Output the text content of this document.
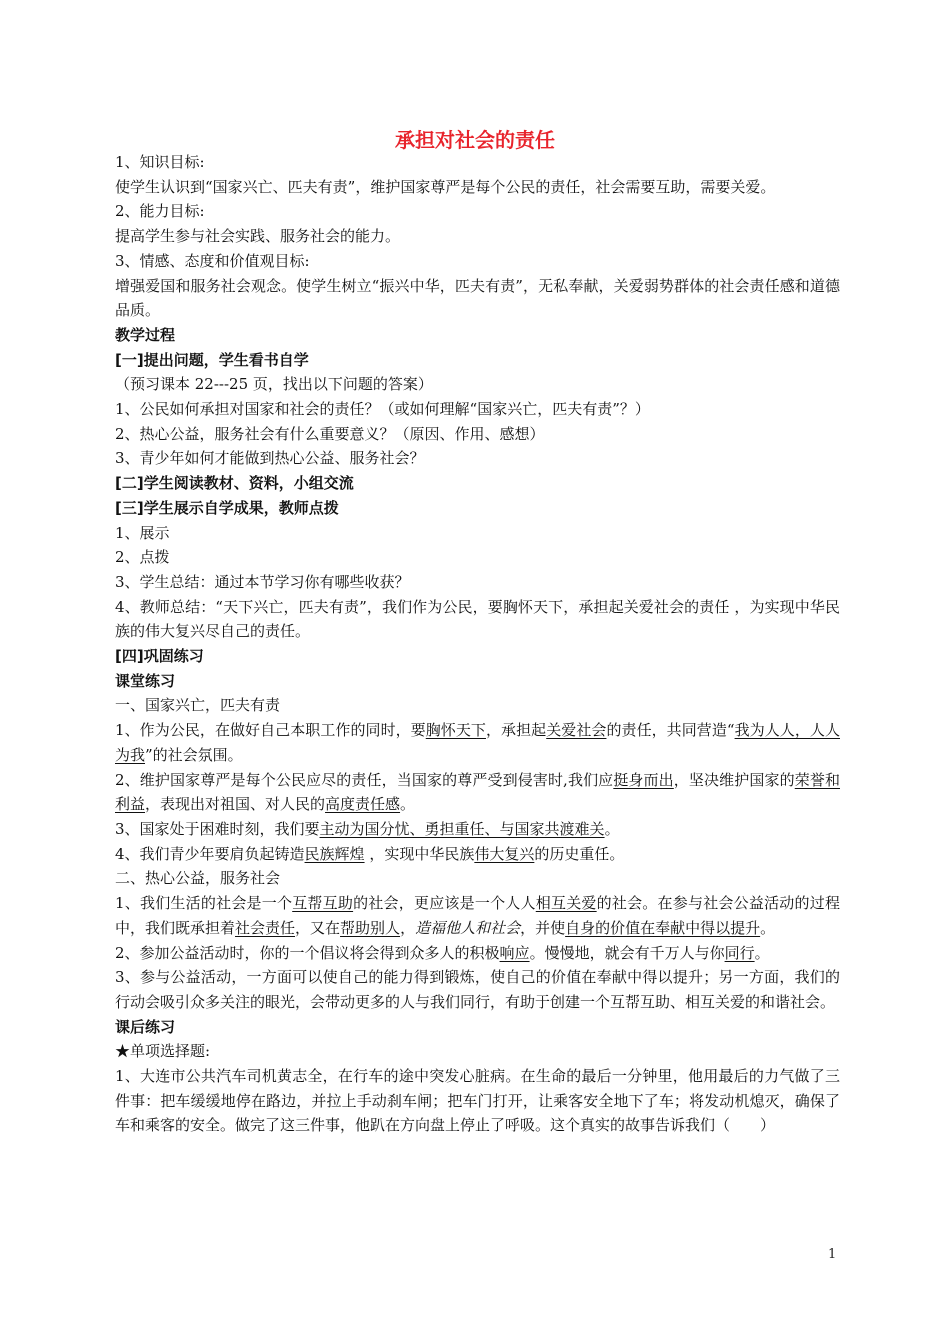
承担对社会的责任
1、知识目标:
使学生认识到“国家兴亡、匹夫有责”，维护国家尊严是每个公民的责任，社会需要互助，需要关爱。
2、能力目标:
提高学生参与社会实践、服务社会的能力。
3、情感、态度和价值观目标:
增强爱国和服务社会观念。使学生树立“振兴中华，匹夫有责”，无私奉献，关爱弱势群体的社会责任感和道德品质。
教学过程
[一]提出问题，学生看书自学
（预习课本 22---25 页，找出以下问题的答案）
1、公民如何承担对国家和社会的责任？（或如何理解“国家兴亡，匹夫有责”？）
2、热心公益，服务社会有什么重要意义？（原因、作用、感想）
3、青少年如何才能做到热心公益、服务社会？
[二]学生阅读教材、资料，小组交流
[三]学生展示自学成果，教师点拨
1、展示
2、点拨
3、学生总结：通过本节学习你有哪些收获？
4、教师总结：“天下兴亡，匹夫有责”，我们作为公民，要胸怀天下，承担起关爱社会的责任 ，为实现中华民族的伟大复兴尽自己的责任。
[四]巩固练习
课堂练习
一、国家兴亡，匹夫有责
1、作为公民，在做好自己本职工作的同时，要胸怀天下，承担起关爱社会的责任，共同营造“我为人人，人人为我”的社会氛围。
2、维护国家尊严是每个公民应尽的责任，当国家的尊严受到侵害时,我们应挺身而出，坚决维护国家的荣誉和利益，表现出对祖国、对人民的高度责任感。
3、国家处于困难时刻，我们要主动为国分忧、勇担重任、与国家共渡难关。
4、我们青少年要肩负起铸造民族辉煌 ，实现中华民族伟大复兴的历史重任。
二、热心公益，服务社会
1、我们生活的社会是一个互帮互助的社会，更应该是一个人人相互关爱的社会。在参与社会公益活动的过程中，我们既承担着社会责任，又在帮助别人，造福他人和社会，并使自身的价值在奉献中得以提升。
2、参加公益活动时，你的一个倡议将会得到众多人的积极响应。慢慢地，就会有千万人与你同行。
3、参与公益活动，一方面可以使自己的能力得到锻炼，使自己的价值在奉献中得以提升；另一方面，我们的行动会吸引众多关注的眼光，会带动更多的人与我们同行，有助于创建一个互帮互助、相互关爱的和谐社会。
课后练习
★单项选择题:
1、大连市公共汽车司机黄志全，在行车的途中突发心脏病。在生命的最后一分钟里，他用最后的力气做了三件事：把车缓缓地停在路边，并拉上手动刹车闸；把车门打开，让乘客安全地下了车；将发动机熄灭，确保了车和乘客的安全。做完了这三件事，他趴在方向盘上停止了呼吸。这个真实的故事告诉我们（　　）
1
